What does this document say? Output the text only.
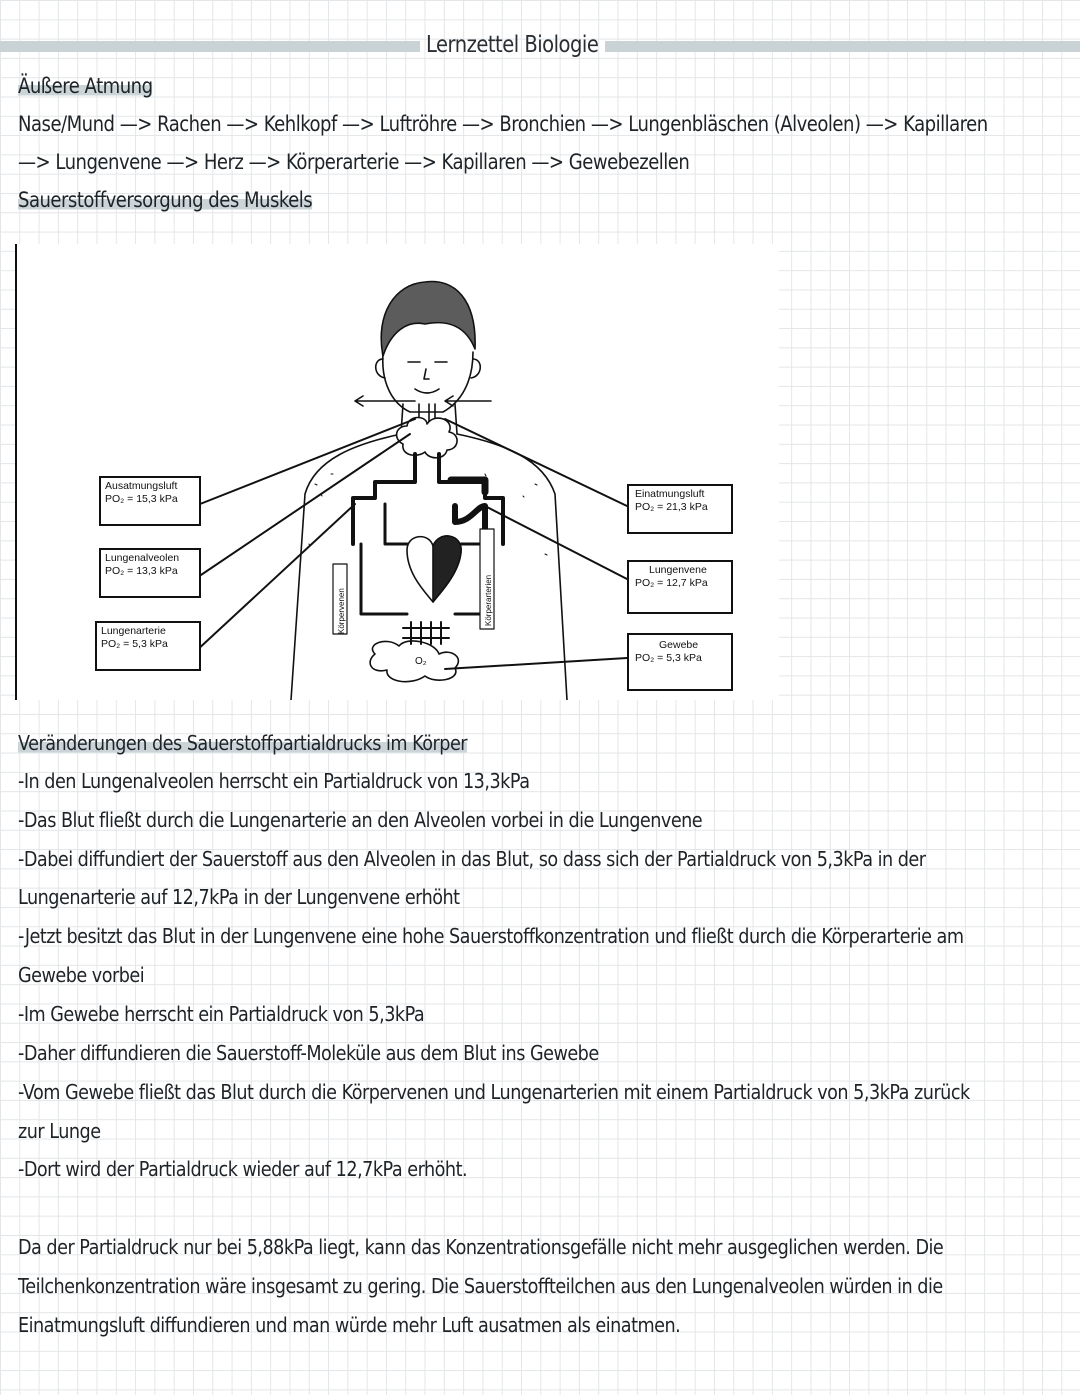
Lernzettel Biologie
Äußere Atmung
Nase/Mund —> Rachen —> Kehlkopf —> Luftröhre —> Bronchien —> Lungenbläschen (Alveolen) —> Kapillaren
—> Lungenvene —> Herz —> Körperarterie —> Kapillaren —> Gewebezellen
Sauerstoffversorgung des Muskels
Körpervenen	Körperarterien
O₂
Ausatmungsluft
PO₂ = 15,3 kPa
Lungenalveolen
PO₂ = 13,3 kPa
Lungenarterie
PO₂ = 5,3 kPa
Einatmungsluft
PO₂ = 21,3 kPa
Lungenvene
PO₂ = 12,7 kPa
Gewebe
PO₂ = 5,3 kPa
Veränderungen des Sauerstoffpartialdrucks im Körper
-In den Lungenalveolen herrscht ein Partialdruck von 13,3kPa
-Das Blut fließt durch die Lungenarterie an den Alveolen vorbei in die Lungenvene
-Dabei diffundiert der Sauerstoff aus den Alveolen in das Blut, so dass sich der Partialdruck von 5,3kPa in der
Lungenarterie auf 12,7kPa in der Lungenvene erhöht
-Jetzt besitzt das Blut in der Lungenvene eine hohe Sauerstoffkonzentration und fließt durch die Körperarterie am
Gewebe vorbei
-Im Gewebe herrscht ein Partialdruck von 5,3kPa
-Daher diffundieren die Sauerstoff-Moleküle aus dem Blut ins Gewebe
-Vom Gewebe fließt das Blut durch die Körpervenen und Lungenarterien mit einem Partialdruck von 5,3kPa zurück
zur Lunge
-Dort wird der Partialdruck wieder auf 12,7kPa erhöht.
Da der Partialdruck nur bei 5,88kPa liegt, kann das Konzentrationsgefälle nicht mehr ausgeglichen werden. Die
Teilchenkonzentration wäre insgesamt zu gering. Die Sauerstoffteilchen aus den Lungenalveolen würden in die
Einatmungsluft diffundieren und man würde mehr Luft ausatmen als einatmen.
